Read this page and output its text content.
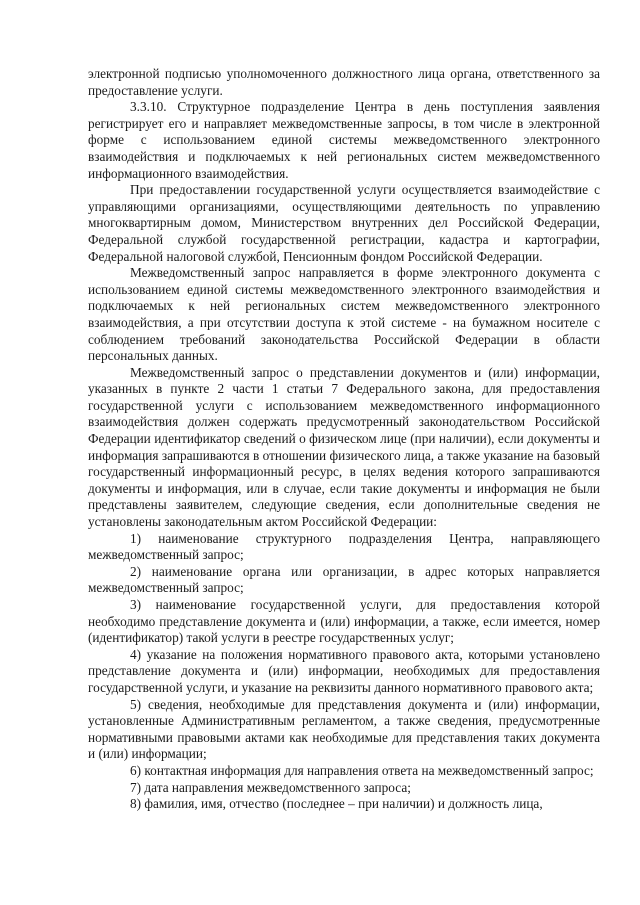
электронной подписью уполномоченного должностного лица органа, ответственного за предоставление услуги.

3.3.10. Структурное подразделение Центра в день поступления заявления регистрирует его и направляет межведомственные запросы, в том числе в электронной форме с использованием единой системы межведомственного электронного взаимодействия и подключаемых к ней региональных систем межведомственного информационного взаимодействия.

При предоставлении государственной услуги осуществляется взаимодействие с управляющими организациями, осуществляющими деятельность по управлению многоквартирным домом, Министерством внутренних дел Российской Федерации, Федеральной службой государственной регистрации, кадастра и картографии, Федеральной налоговой службой, Пенсионным фондом Российской Федерации.

Межведомственный запрос направляется в форме электронного документа с использованием единой системы межведомственного электронного взаимодействия и подключаемых к ней региональных систем межведомственного электронного взаимодействия, а при отсутствии доступа к этой системе - на бумажном носителе с соблюдением требований законодательства Российской Федерации в области персональных данных.

Межведомственный запрос о представлении документов и (или) информации, указанных в пункте 2 части 1 статьи 7 Федерального закона, для предоставления государственной услуги с использованием межведомственного информационного взаимодействия должен содержать предусмотренный законодательством Российской Федерации идентификатор сведений о физическом лице (при наличии), если документы и информация запрашиваются в отношении физического лица, а также указание на базовый государственный информационный ресурс, в целях ведения которого запрашиваются документы и информация, или в случае, если такие документы и информация не были представлены заявителем, следующие сведения, если дополнительные сведения не установлены законодательным актом Российской Федерации:

1) наименование структурного подразделения Центра, направляющего межведомственный запрос;

2) наименование органа или организации, в адрес которых направляется межведомственный запрос;

3) наименование государственной услуги, для предоставления которой необходимо представление документа и (или) информации, а также, если имеется, номер (идентификатор) такой услуги в реестре государственных услуг;

4) указание на положения нормативного правового акта, которыми установлено представление документа и (или) информации, необходимых для предоставления государственной услуги, и указание на реквизиты данного нормативного правового акта;

5) сведения, необходимые для представления документа и (или) информации, установленные Административным регламентом, а также сведения, предусмотренные нормативными правовыми актами как необходимые для представления таких документа и (или) информации;

6) контактная информация для направления ответа на межведомственный запрос;

7) дата направления межведомственного запроса;

8) фамилия, имя, отчество (последнее – при наличии) и должность лица,
